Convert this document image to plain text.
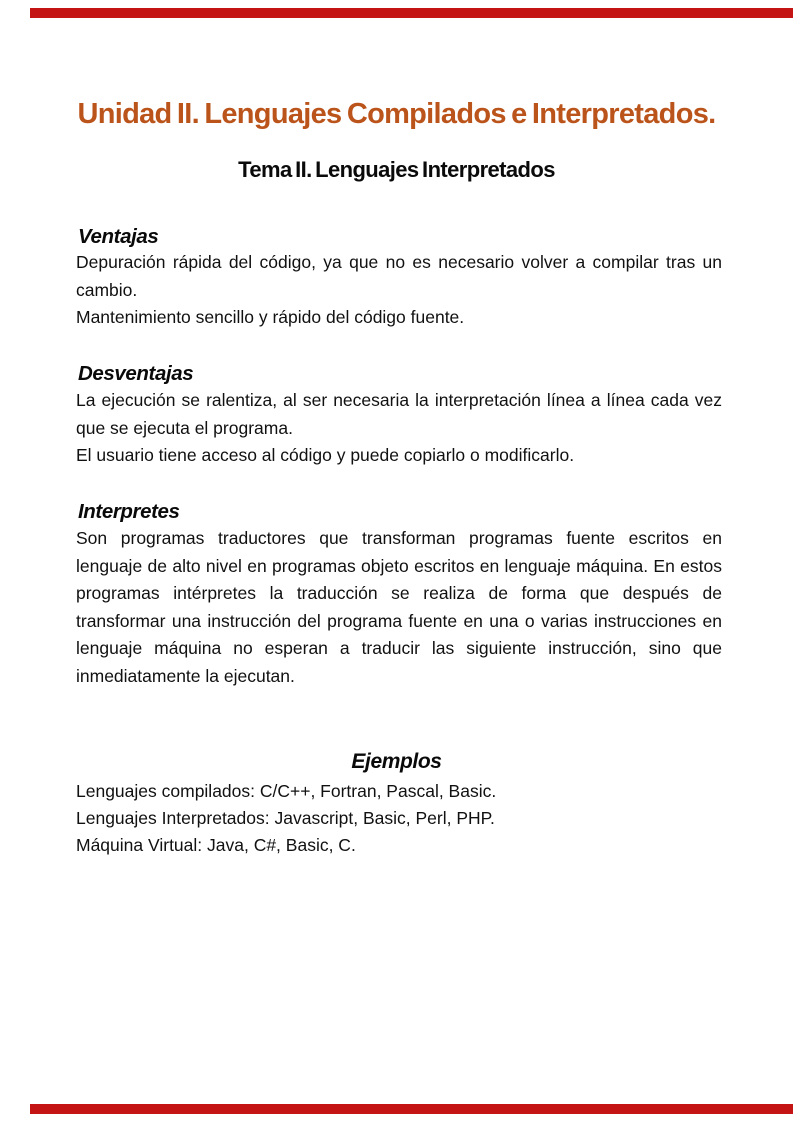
Unidad II. Lenguajes Compilados e Interpretados.
Tema II. Lenguajes Interpretados
Ventajas

Depuración rápida del código, ya que no es necesario volver a compilar tras un cambio.

Mantenimiento sencillo y rápido del código fuente.

Desventajas

La ejecución se ralentiza, al ser necesaria la interpretación línea a línea cada vez que se ejecuta el programa.

El usuario tiene acceso al código y puede copiarlo o modificarlo.

Interpretes

Son programas traductores que transforman programas fuente escritos en lenguaje de alto nivel en programas objeto escritos en lenguaje máquina. En estos programas intérpretes la traducción se realiza de forma que después de transformar una instrucción del programa fuente en una o varias instrucciones en lenguaje máquina no esperan a traducir las siguiente instrucción, sino que inmediatamente la ejecutan.

Ejemplos
Lenguajes compilados: C/C++, Fortran, Pascal, Basic.
Lenguajes Interpretados: Javascript, Basic, Perl, PHP.
Máquina Virtual: Java, C#, Basic, C.
